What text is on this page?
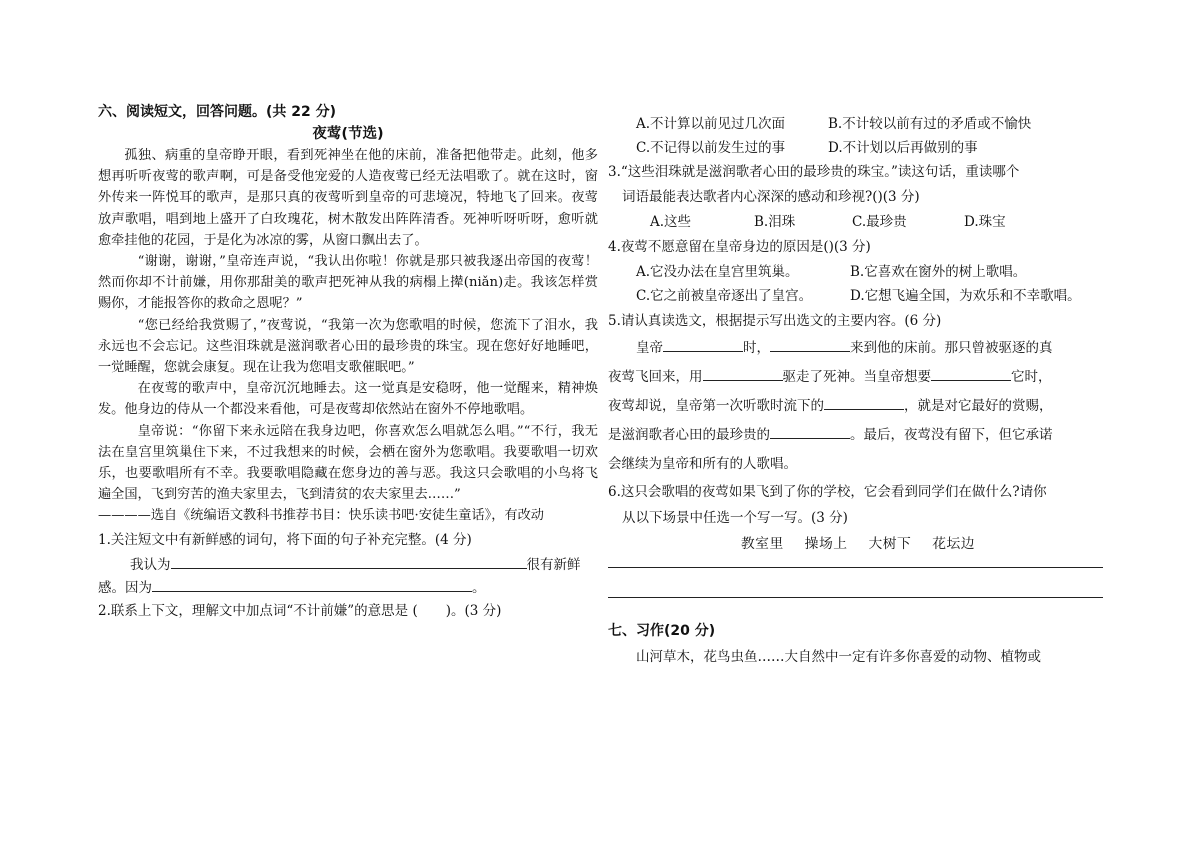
六、阅读短文，回答问题。(共 22 分)
夜莺(节选)
孤独、病重的皇帝睁开眼，看到死神坐在他的床前，准备把他带走。此刻，他多想再听听夜莺的歌声啊，可是备受他宠爱的人造夜莺已经无法唱歌了。就在这时，窗外传来一阵悦耳的歌声，是那只真的夜莺听到皇帝的可悲境况，特地飞了回来。夜莺放声歌唱，唱到地上盛开了白玫瑰花，树木散发出阵阵清香。死神听呀听呀，愈听就愈牵挂他的花园，于是化为冰凉的雾，从窗口飘出去了。
“谢谢，谢谢，”皇帝连声说，“我认出你啦！你就是那只被我逐出帝国的夜莺！然而你却不计前嫌，用你那甜美的歌声把死神从我的病榻上撵(niǎn)走。我该怎样赏赐你，才能报答你的救命之恩呢？”
“您已经给我赏赐了，”夜莺说，“我第一次为您歌唱的时候，您流下了泪水，我永远也不会忘记。这些泪珠就是滋润歌者心田的最珍贵的珠宝。现在您好好地睡吧，一觉睡醒，您就会康复。现在让我为您唱支歌催眠吧。”
在夜莺的歌声中，皇帝沉沉地睡去。这一觉真是安稳呀，他一觉醒来，精神焕发。他身边的侍从一个都没来看他，可是夜莺却依然站在窗外不停地歌唱。
皇帝说：“你留下来永远陪在我身边吧，你喜欢怎么唱就怎么唱。”“不行，我无法在皇宫里筑巢住下来，不过我想来的时候，会栖在窗外为您歌唱。我要歌唱一切欢乐，也要歌唱所有不幸。我要歌唱隐藏在您身边的善与恶。我这只会歌唱的小鸟将飞遍全国，飞到穷苦的渔夫家里去，飞到清贫的农夫家里去……”
————选自《统编语文教科书推荐书目：快乐读书吧·安徒生童话》，有改动
1.关注短文中有新鲜感的词句，将下面的句子补充完整。(4 分)
我认为	很有新鲜
感。因为	。
2.联系上下文，理解文中加点词“不计前嫌”的意思是 ( )。(3 分)
A.不计算以前见过几次面	B.不计较以前有过的矛盾或不愉快
C.不记得以前发生过的事	D.不计划以后再做别的事
3.“这些泪珠就是滋润歌者心田的最珍贵的珠宝。”读这句话，重读哪个
词语最能表达歌者内心深深的感动和珍视?()(3 分)
A.这些	B.泪珠	C.最珍贵	D.珠宝
4.夜莺不愿意留在皇帝身边的原因是()(3 分)
A.它没办法在皇宫里筑巢。	B.它喜欢在窗外的树上歌唱。
C.它之前被皇帝逐出了皇宫。	D.它想飞遍全国，为欢乐和不幸歌唱。
5.请认真读选文，根据提示写出选文的主要内容。(6 分)
皇帝	时，	来到他的床前。那只曾被驱逐的真
夜莺飞回来，用	驱走了死神。当皇帝想要	它时，
夜莺却说，皇帝第一次听歌时流下的	，就是对它最好的赏赐，
是滋润歌者心田的最珍贵的	。最后，夜莺没有留下，但它承诺
会继续为皇帝和所有的人歌唱。
6.这只会歌唱的夜莺如果飞到了你的学校，它会看到同学们在做什么?请你
从以下场景中任选一个写一写。(3 分)
教室里 操场上 大树下 花坛边
七、习作(20 分)
山河草木，花鸟虫鱼……大自然中一定有许多你喜爱的动物、植物或
